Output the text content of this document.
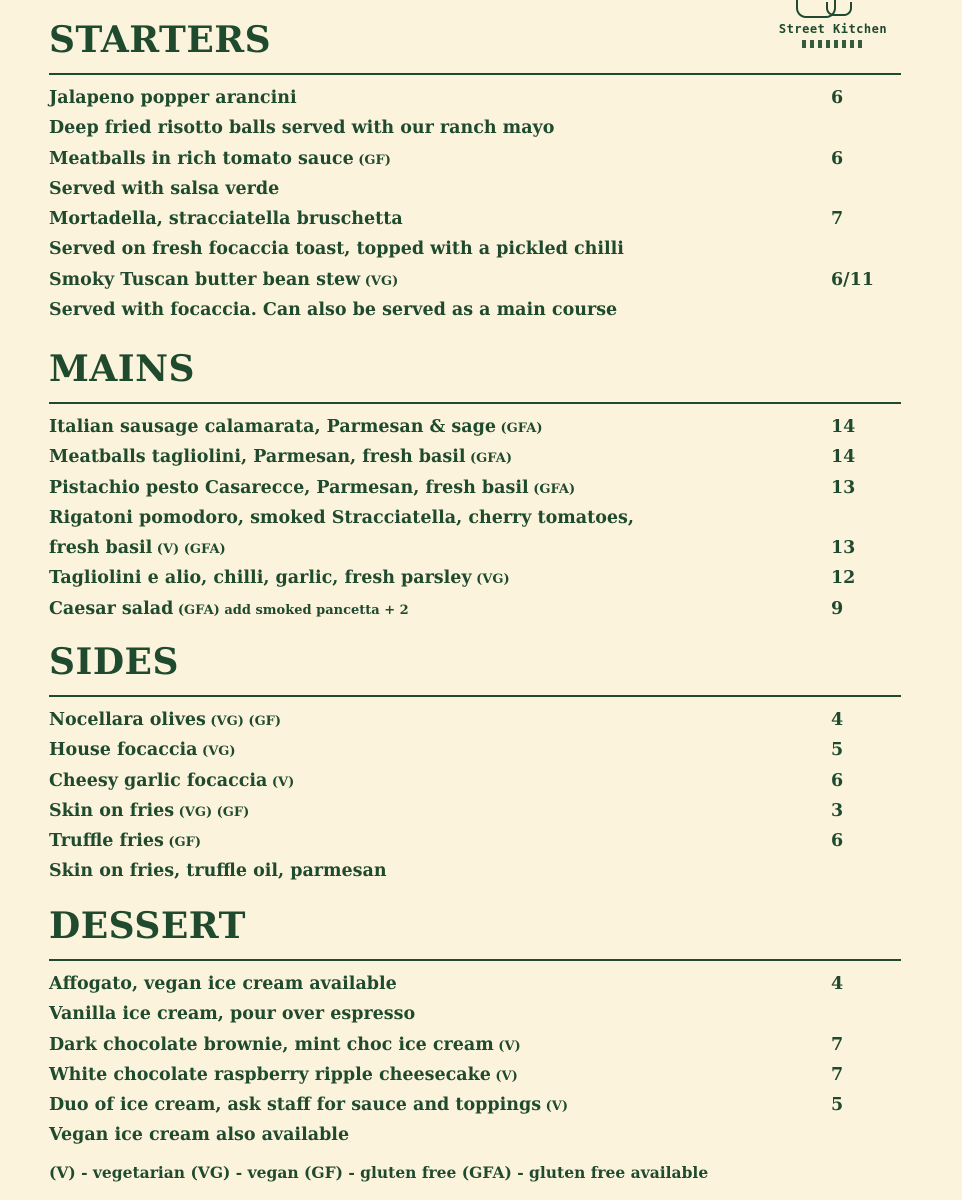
Street Kitchen
STARTERS
Jalapeno popper arancini	6
Deep fried risotto balls served with our ranch mayo
Meatballs in rich tomato sauce (GF)	6
Served with salsa verde
Mortadella, stracciatella bruschetta	7
Served on fresh focaccia toast, topped with a pickled chilli
Smoky Tuscan butter bean stew (VG)	6/11
Served with focaccia. Can also be served as a main course
MAINS
Italian sausage calamarata, Parmesan & sage (GFA)	14
Meatballs tagliolini, Parmesan, fresh basil (GFA)	14
Pistachio pesto Casarecce, Parmesan, fresh basil (GFA)	13
Rigatoni pomodoro, smoked Stracciatella, cherry tomatoes,
fresh basil (V) (GFA)	13
Tagliolini e alio, chilli, garlic, fresh parsley (VG)	12
Caesar salad (GFA) add smoked pancetta + 2	9
SIDES
Nocellara olives (VG) (GF)	4
House focaccia (VG)	5
Cheesy garlic focaccia (V)	6
Skin on fries (VG) (GF)	3
Truffle fries (GF)	6
Skin on fries, truffle oil, parmesan
DESSERT
Affogato, vegan ice cream available	4
Vanilla ice cream, pour over espresso
Dark chocolate brownie, mint choc ice cream (V)	7
White chocolate raspberry ripple cheesecake (V)	7
Duo of ice cream, ask staff for sauce and toppings (V)	5
Vegan ice cream also available
(V) - vegetarian (VG) - vegan (GF) - gluten free (GFA) - gluten free available
